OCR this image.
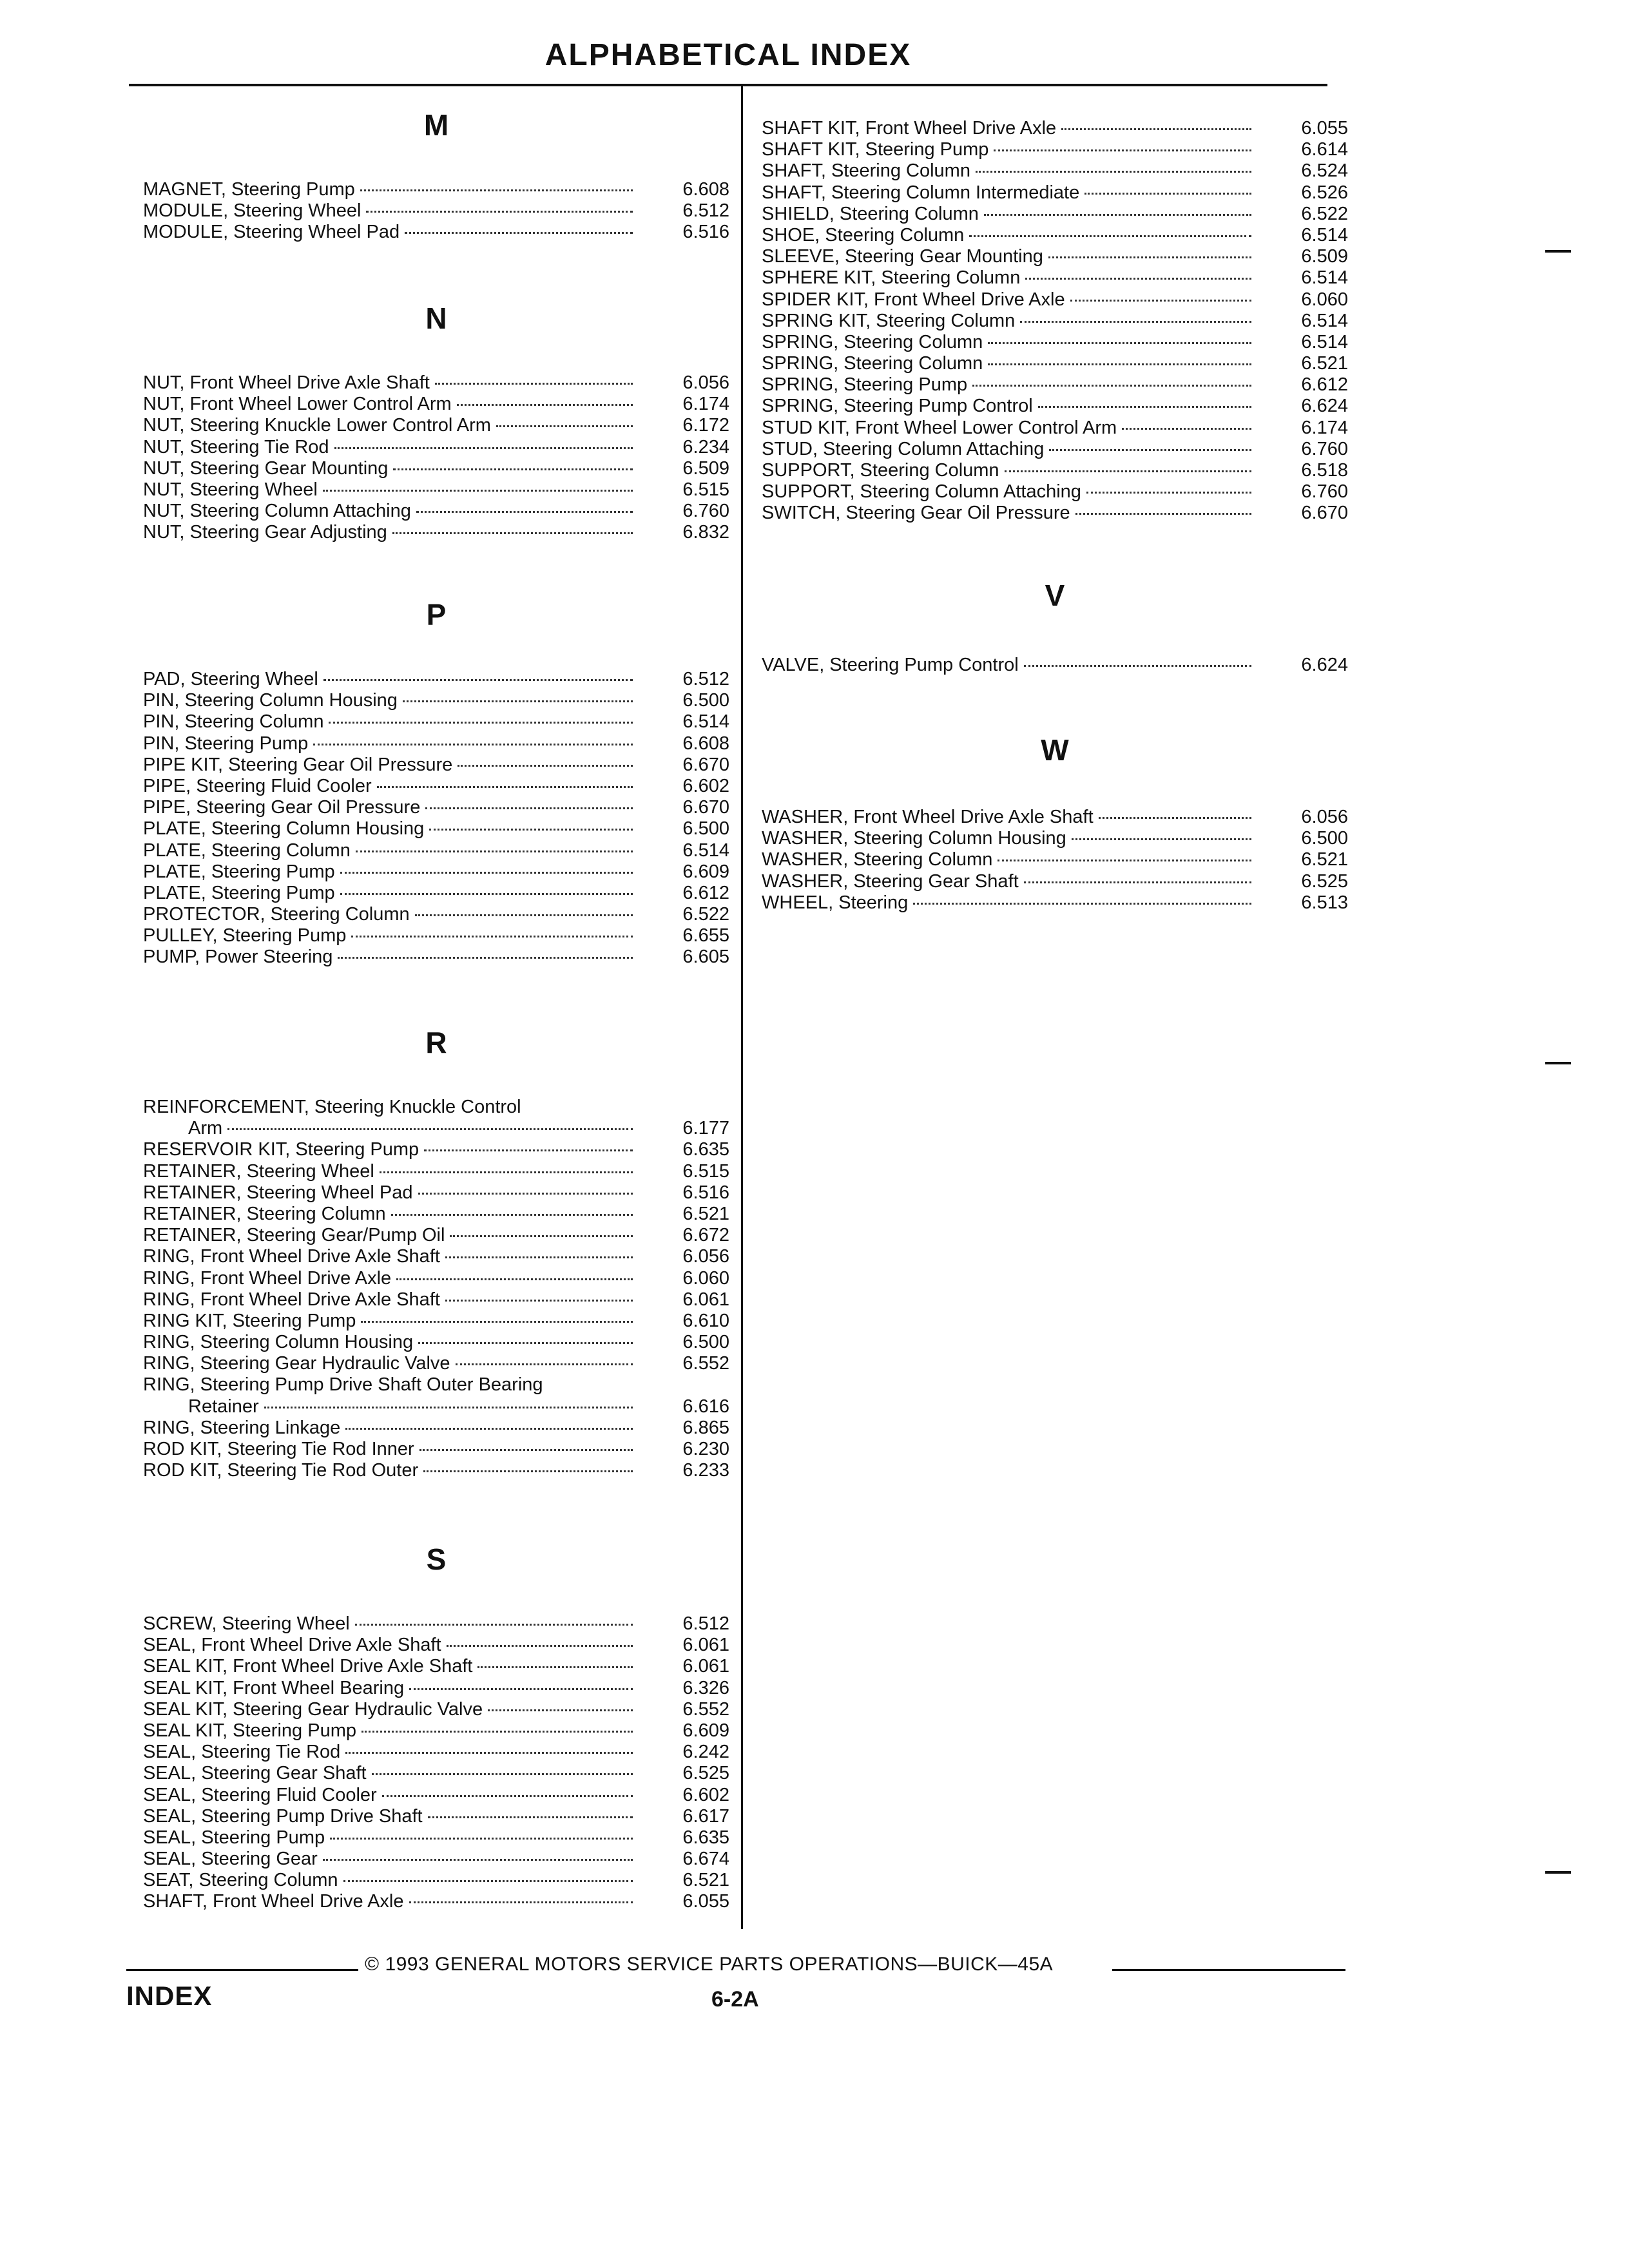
ALPHABETICAL INDEX
M
MAGNET, Steering Pump	6.608
MODULE, Steering Wheel	6.512
MODULE, Steering Wheel Pad	6.516
N
NUT, Front Wheel Drive Axle Shaft	6.056
NUT, Front Wheel Lower Control Arm	6.174
NUT, Steering Knuckle Lower Control Arm	6.172
NUT, Steering Tie Rod	6.234
NUT, Steering Gear Mounting	6.509
NUT, Steering Wheel	6.515
NUT, Steering Column Attaching	6.760
NUT, Steering Gear Adjusting	6.832
P
PAD, Steering Wheel	6.512
PIN, Steering Column Housing	6.500
PIN, Steering Column	6.514
PIN, Steering Pump	6.608
PIPE KIT, Steering Gear Oil Pressure	6.670
PIPE, Steering Fluid Cooler	6.602
PIPE, Steering Gear Oil Pressure	6.670
PLATE, Steering Column Housing	6.500
PLATE, Steering Column	6.514
PLATE, Steering Pump	6.609
PLATE, Steering Pump	6.612
PROTECTOR, Steering Column	6.522
PULLEY, Steering Pump	6.655
PUMP, Power Steering	6.605
R
REINFORCEMENT, Steering Knuckle Control
Arm	6.177
RESERVOIR KIT, Steering Pump	6.635
RETAINER, Steering Wheel	6.515
RETAINER, Steering Wheel Pad	6.516
RETAINER, Steering Column	6.521
RETAINER, Steering Gear/Pump Oil	6.672
RING, Front Wheel Drive Axle Shaft	6.056
RING, Front Wheel Drive Axle	6.060
RING, Front Wheel Drive Axle Shaft	6.061
RING KIT, Steering Pump	6.610
RING, Steering Column Housing	6.500
RING, Steering Gear Hydraulic Valve	6.552
RING, Steering Pump Drive Shaft Outer Bearing
Retainer	6.616
RING, Steering Linkage	6.865
ROD KIT, Steering Tie Rod Inner	6.230
ROD KIT, Steering Tie Rod Outer	6.233
S
SCREW, Steering Wheel	6.512
SEAL, Front Wheel Drive Axle Shaft	6.061
SEAL KIT, Front Wheel Drive Axle Shaft	6.061
SEAL KIT, Front Wheel Bearing	6.326
SEAL KIT, Steering Gear Hydraulic Valve	6.552
SEAL KIT, Steering Pump	6.609
SEAL, Steering Tie Rod	6.242
SEAL, Steering Gear Shaft	6.525
SEAL, Steering Fluid Cooler	6.602
SEAL, Steering Pump Drive Shaft	6.617
SEAL, Steering Pump	6.635
SEAL, Steering Gear	6.674
SEAT, Steering Column	6.521
SHAFT, Front Wheel Drive Axle	6.055
SHAFT KIT, Front Wheel Drive Axle	6.055
SHAFT KIT, Steering Pump	6.614
SHAFT, Steering Column	6.524
SHAFT, Steering Column Intermediate	6.526
SHIELD, Steering Column	6.522
SHOE, Steering Column	6.514
SLEEVE, Steering Gear Mounting	6.509
SPHERE KIT, Steering Column	6.514
SPIDER KIT, Front Wheel Drive Axle	6.060
SPRING KIT, Steering Column	6.514
SPRING, Steering Column	6.514
SPRING, Steering Column	6.521
SPRING, Steering Pump	6.612
SPRING, Steering Pump Control	6.624
STUD KIT, Front Wheel Lower Control Arm	6.174
STUD, Steering Column Attaching	6.760
SUPPORT, Steering Column	6.518
SUPPORT, Steering Column Attaching	6.760
SWITCH, Steering Gear Oil Pressure	6.670
V
VALVE, Steering Pump Control	6.624
W
WASHER, Front Wheel Drive Axle Shaft	6.056
WASHER, Steering Column Housing	6.500
WASHER, Steering Column	6.521
WASHER, Steering Gear Shaft	6.525
WHEEL, Steering	6.513
© 1993 GENERAL MOTORS SERVICE PARTS OPERATIONS—BUICK—45A
INDEX	6-2A
